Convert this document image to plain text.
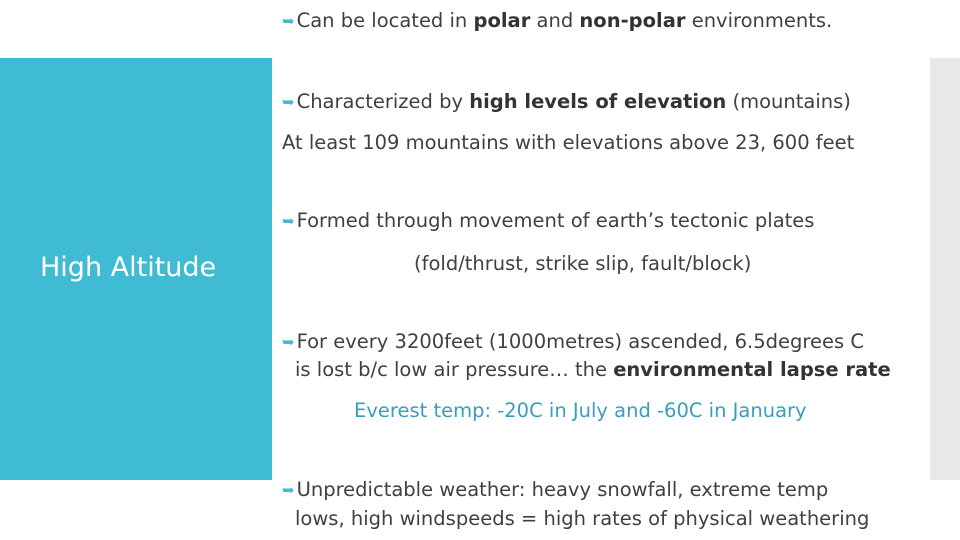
High Altitude
➥ Can be located in polar and non-polar environments.
➥ Characterized by high levels of elevation (mountains)
At least 109 mountains with elevations above 23, 600 feet
➥ Formed through movement of earth’s tectonic plates
(fold/thrust, strike slip, fault/block)
➥ For every 3200feet (1000metres) ascended, 6.5degrees C
is lost b/c low air pressure… the environmental lapse rate
Everest temp: -20C in July and -60C in January
➥ Unpredictable weather: heavy snowfall, extreme temp
lows, high windspeeds = high rates of physical weathering
